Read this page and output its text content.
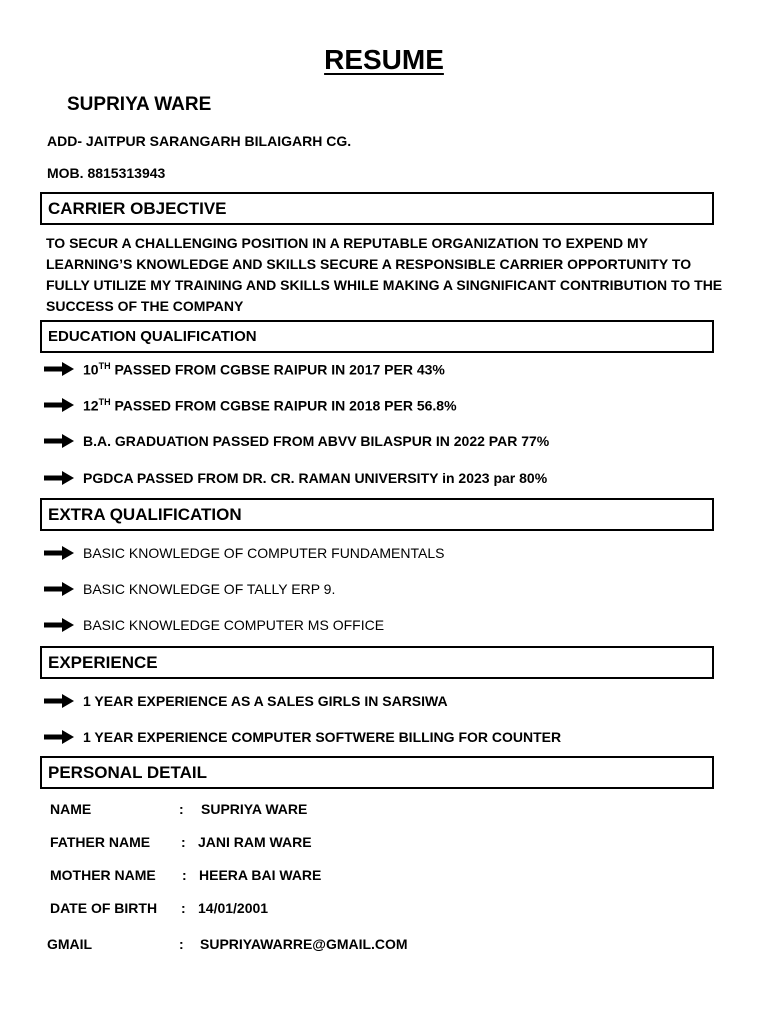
RESUME
SUPRIYA WARE
ADD- JAITPUR SARANGARH BILAIGARH CG.
MOB. 8815313943
CARRIER OBJECTIVE
TO SECUR A CHALLENGING POSITION IN A REPUTABLE ORGANIZATION TO EXPEND MY LEARNING’S KNOWLEDGE AND SKILLS SECURE A RESPONSIBLE CARRIER OPPORTUNITY TO FULLY UTILIZE MY TRAINING AND SKILLS WHILE MAKING A SINGNIFICANT CONTRIBUTION TO THE SUCCESS OF THE COMPANY
EDUCATION QUALIFICATION
10TH PASSED FROM CGBSE RAIPUR IN 2017 PER 43%
12TH PASSED FROM CGBSE RAIPUR IN 2018 PER 56.8%
B.A. GRADUATION PASSED FROM ABVV BILASPUR IN 2022 PAR 77%
PGDCA PASSED FROM DR. CR. RAMAN UNIVERSITY in 2023 par 80%
EXTRA QUALIFICATION
BASIC KNOWLEDGE OF COMPUTER FUNDAMENTALS
BASIC KNOWLEDGE OF TALLY ERP 9.
BASIC KNOWLEDGE COMPUTER MS OFFICE
EXPERIENCE
1 YEAR EXPERIENCE AS A SALES GIRLS IN SARSIWA
1 YEAR EXPERIENCE COMPUTER SOFTWERE BILLING FOR COUNTER
PERSONAL DETAIL
NAME	: SUPRIYA WARE
FATHER NAME : JANI RAM WARE
MOTHER NAME : HEERA BAI WARE
DATE OF BIRTH : 14/01/2001
GMAIL	: SUPRIYAWARRE@GMAIL.COM
